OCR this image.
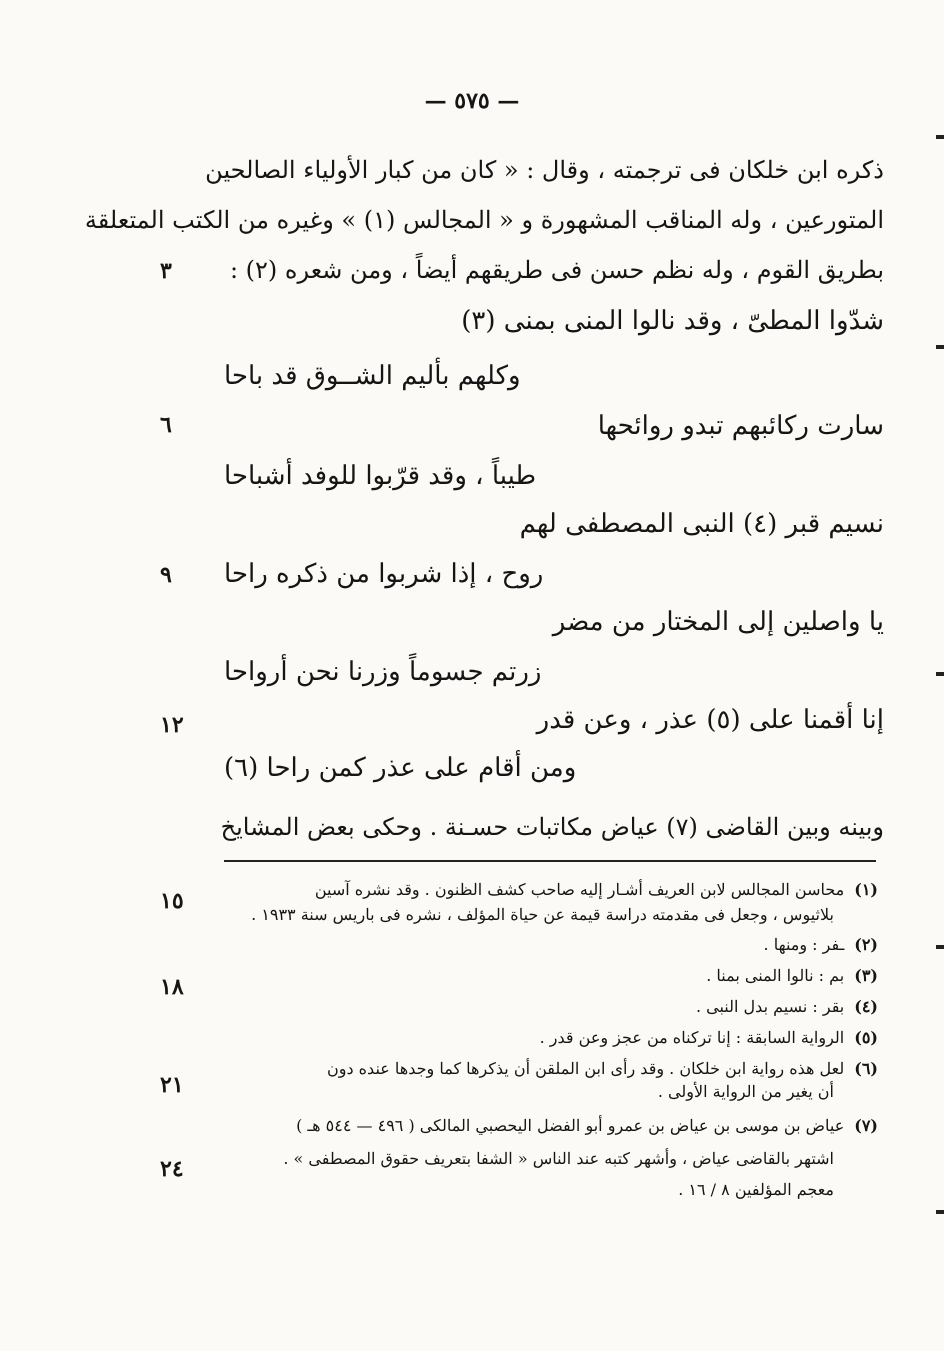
— ٥٧٥ —
ذكره ابن خلكان فى ترجمته ، وقال : « كان من كبار الأولياء الصالحين
المتورعين ، وله المناقب المشهورة و « المجالس (١) » وغيره من الكتب المتعلقة
بطريق القوم ، وله نظم حسن فى طريقهم أيضاً ، ومن شعره (٢) :
شدّوا المطىّ ، وقد نالوا المنى بمنى (٣)
وكلهم بأليم الشــوق قد باحا
سارت ركائبهم تبدو روائحها
طيباً ، وقد قرّبوا للوفد أشباحا
نسيم قبر (٤) النبى المصطفى لهم
روح ، إذا شربوا من ذكره راحا
يا واصلين إلى المختار من مضر
زرتم جسوماً وزرنا نحن أرواحا
إنا أقمنا على (٥) عذر ، وعن قدر
ومن أقام على عذر كمن راحا (٦)
وبينه وبين القاضى (٧) عياض مكاتبات حسـنة . وحكى بعض المشايخ
٣
٦
٩
١٢
١٥
١٨
٢١
٢٤
(١)محاسن المجالس لابن العريف أشـار إليه صاحب كشف الظنون . وقد نشره آسين
بلاثيوس ، وجعل فى مقدمته دراسة قيمة عن حياة المؤلف ، نشره فى باريس سنة ١٩٣٣ .
(٢)ـفر : ومنها .
(٣)بم : نالوا المنى بمنا .
(٤)بقر : نسيم بدل النبى .
(٥)الرواية السابقة : إنا تركناه من عجز وعن قدر .
(٦)لعل هذه رواية ابن خلكان . وقد رأى ابن الملقن أن يذكرها كما وجدها عنده دون
أن يغير من الرواية الأولى .
(٧)عياض بن موسى بن عياض بن عمرو أبو الفضل اليحصبي المالكى ( ٤٩٦ — ٥٤٤ هـ )
اشتهر بالقاضى عياض ، وأشهر كتبه عند الناس « الشفا بتعريف حقوق المصطفى » .
معجم المؤلفين ٨ / ١٦ .
